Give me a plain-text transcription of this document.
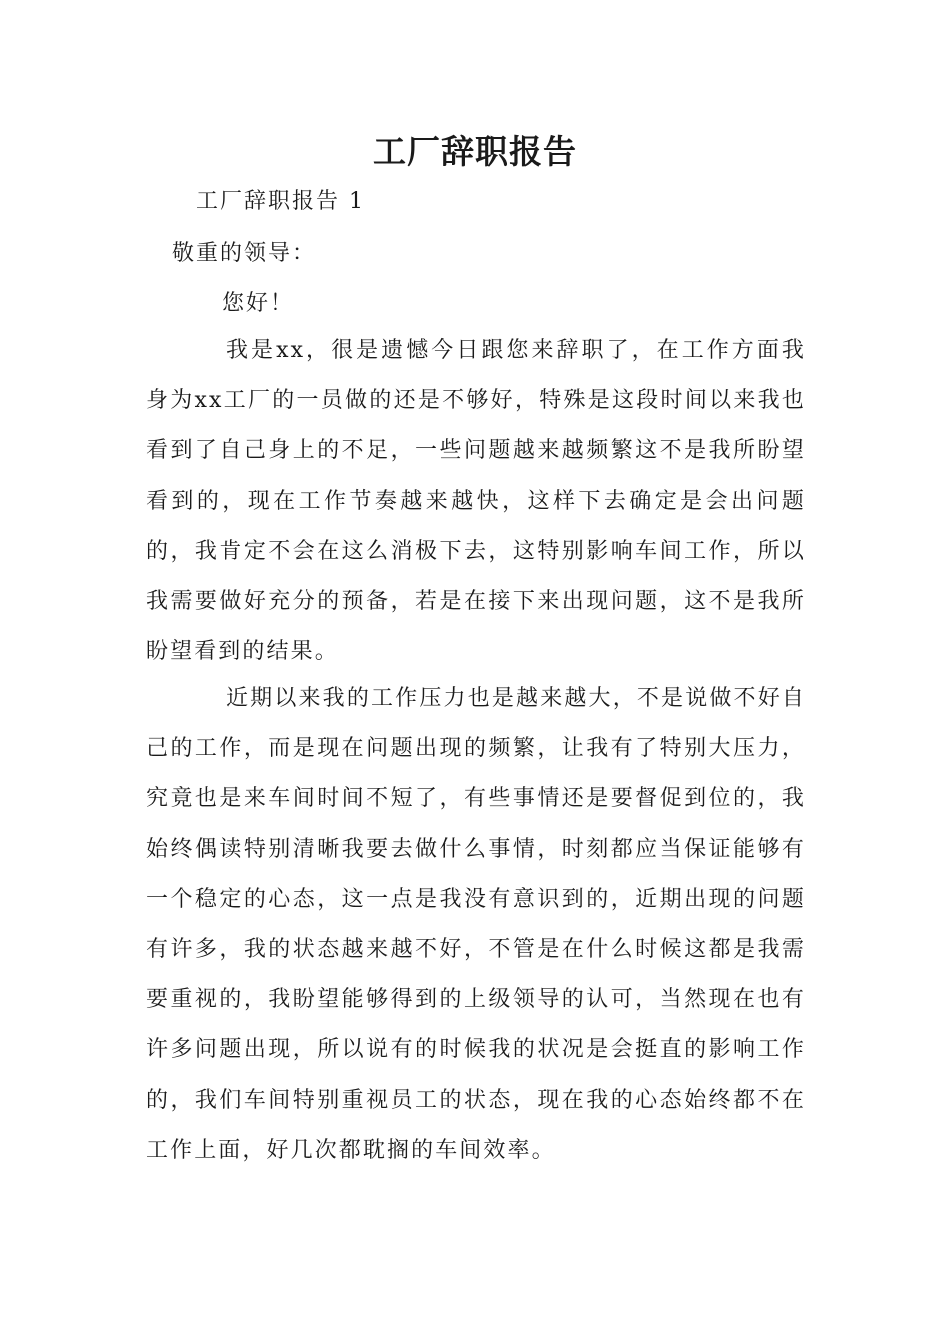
工厂辞职报告

工厂辞职报告 1

敬重的领导：

您好！

我是xx，很是遗憾今日跟您来辞职了，在工作方面我身为xx工厂的一员做的还是不够好，特殊是这段时间以来我也看到了自己身上的不足，一些问题越来越频繁这不是我所盼望看到的，现在工作节奏越来越快，这样下去确定是会出问题的，我肯定不会在这么消极下去，这特别影响车间工作，所以我需要做好充分的预备，若是在接下来出现问题，这不是我所盼望看到的结果。

近期以来我的工作压力也是越来越大，不是说做不好自己的工作，而是现在问题出现的频繁，让我有了特别大压力，究竟也是来车间时间不短了，有些事情还是要督促到位的，我始终偶读特别清晰我要去做什么事情，时刻都应当保证能够有一个稳定的心态，这一点是我没有意识到的，近期出现的问题有许多，我的状态越来越不好，不管是在什么时候这都是我需要重视的，我盼望能够得到的上级领导的认可，当然现在也有许多问题出现，所以说有的时候我的状况是会挺直的影响工作的，我们车间特别重视员工的状态，现在我的心态始终都不在工作上面，好几次都耽搁的车间效率。
